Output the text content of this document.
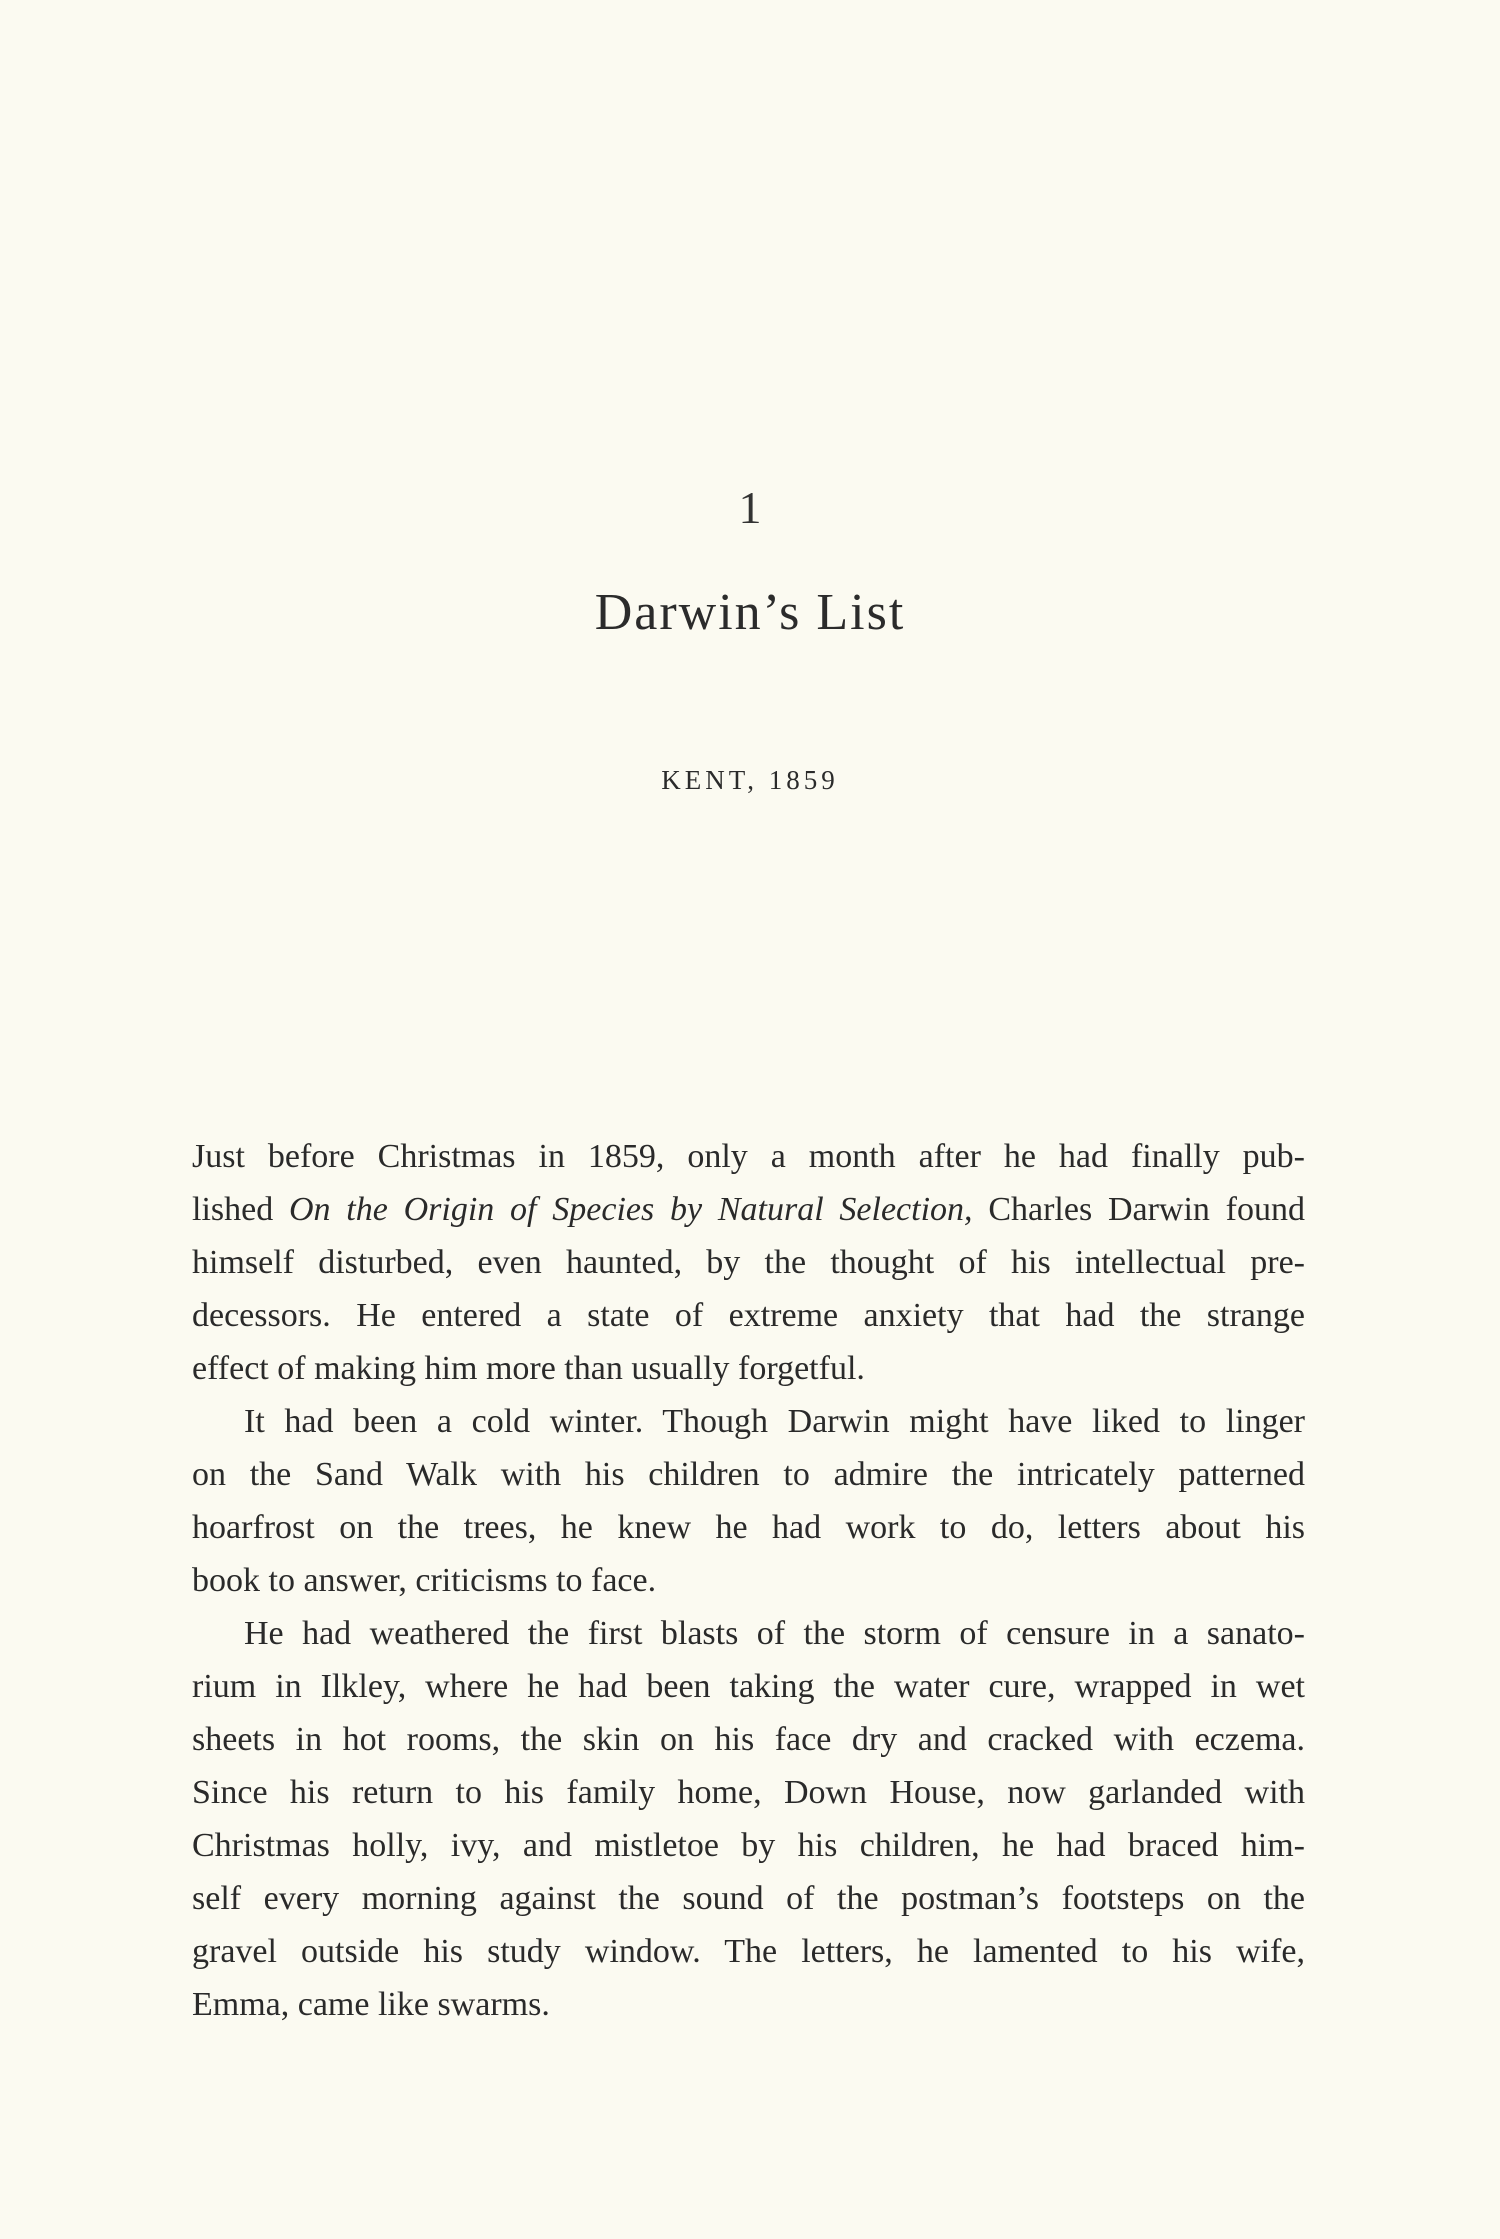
1
Darwin’s List
KENT, 1859
Just before Christmas in 1859, only a month after he had finally pub-
lished On the Origin of Species by Natural Selection, Charles Darwin found
himself disturbed, even haunted, by the thought of his intellectual pre-
decessors. He entered a state of extreme anxiety that had the strange
effect of making him more than usually forgetful.
It had been a cold winter. Though Darwin might have liked to linger
on the Sand Walk with his children to admire the intricately patterned
hoarfrost on the trees, he knew he had work to do, letters about his
book to answer, criticisms to face.
He had weathered the first blasts of the storm of censure in a sanato-
rium in Ilkley, where he had been taking the water cure, wrapped in wet
sheets in hot rooms, the skin on his face dry and cracked with eczema.
Since his return to his family home, Down House, now garlanded with
Christmas holly, ivy, and mistletoe by his children, he had braced him-
self every morning against the sound of the postman’s footsteps on the
gravel outside his study window. The letters, he lamented to his wife,
Emma, came like swarms.
